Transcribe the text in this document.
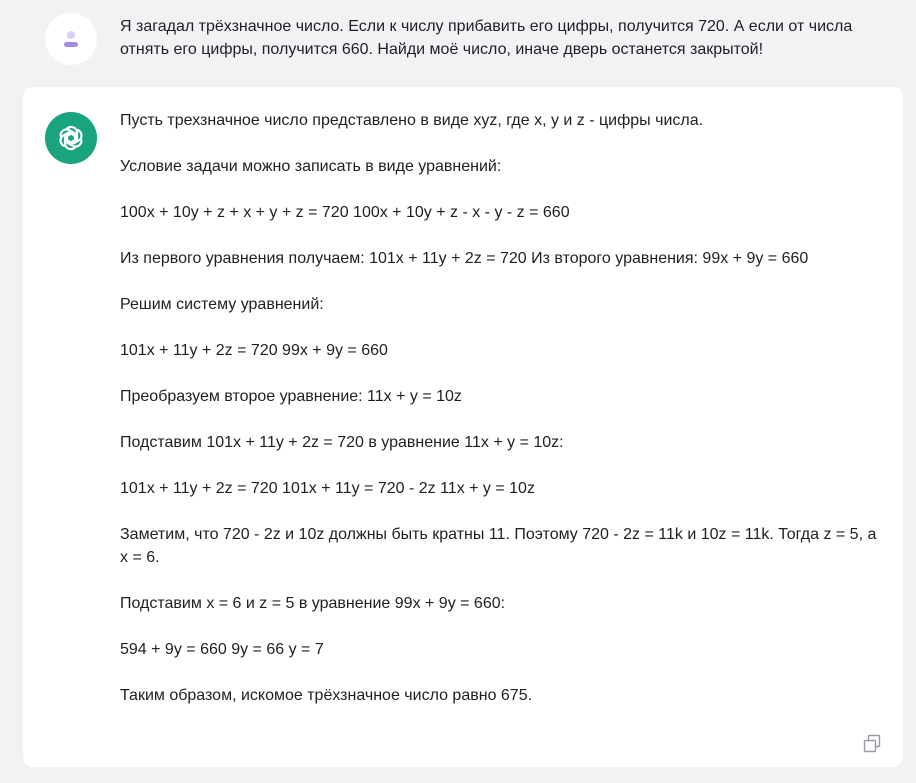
Я загадал трёхзначное число. Если к числу прибавить его цифры, получится 720. А если от числа отнять его цифры, получится 660. Найди моё число, иначе дверь останется закрытой!

Пусть трехзначное число представлено в виде xyz, где x, y и z - цифры числа.

Условие задачи можно записать в виде уравнений:

100x + 10y + z + x + y + z = 720 100x + 10y + z - x - y - z = 660

Из первого уравнения получаем: 101x + 11y + 2z = 720 Из второго уравнения: 99x + 9y = 660

Решим систему уравнений:

101x + 11y + 2z = 720 99x + 9y = 660

Преобразуем второе уравнение: 11x + y = 10z

Подставим 101x + 11y + 2z = 720 в уравнение 11x + y = 10z:

101x + 11y + 2z = 720 101x + 11y = 720 - 2z 11x + y = 10z

Заметим, что 720 - 2z и 10z должны быть кратны 11. Поэтому 720 - 2z = 11k и 10z = 11k. Тогда z = 5, а x = 6.

Подставим x = 6 и z = 5 в уравнение 99x + 9y = 660:

594 + 9y = 660 9y = 66 y = 7

Таким образом, искомое трёхзначное число равно 675.
